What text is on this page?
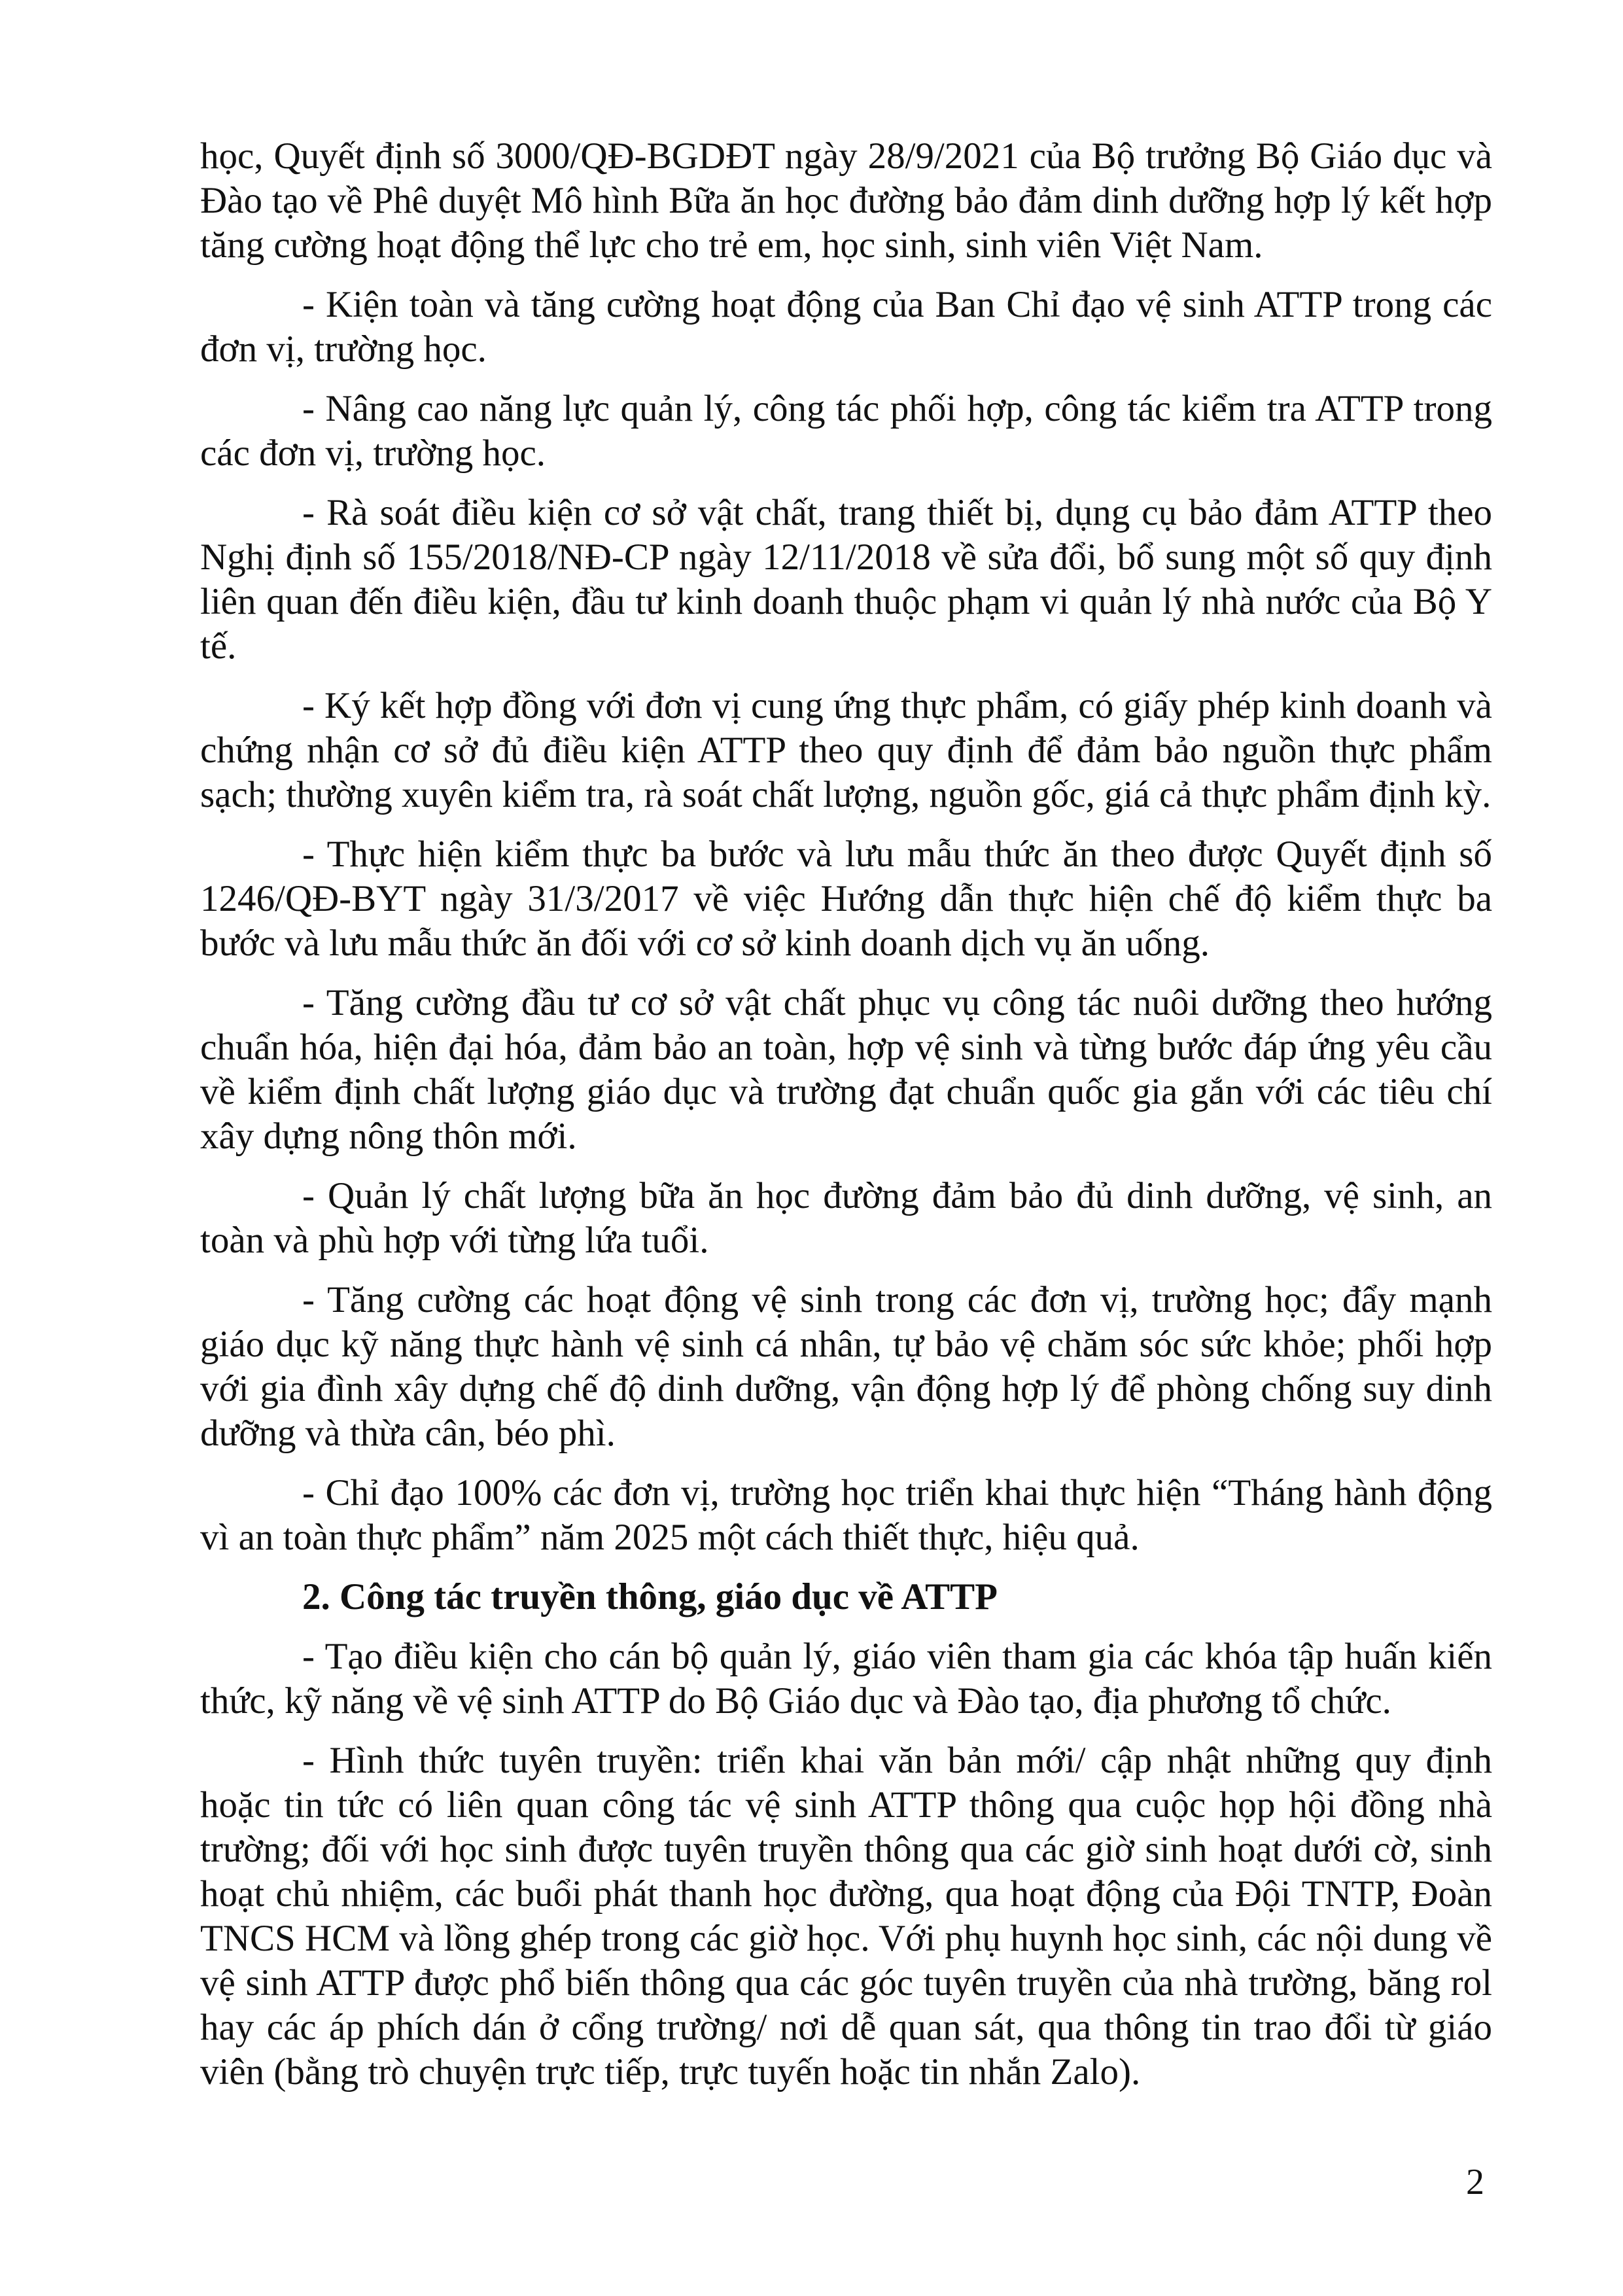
học, Quyết định số 3000/QĐ-BGDĐT ngày 28/9/2021 của Bộ trưởng Bộ Giáo dục và Đào tạo về Phê duyệt Mô hình Bữa ăn học đường bảo đảm dinh dưỡng hợp lý kết hợp tăng cường hoạt động thể lực cho trẻ em, học sinh, sinh viên Việt Nam.

- Kiện toàn và tăng cường hoạt động của Ban Chỉ đạo vệ sinh ATTP trong các đơn vị, trường học.

- Nâng cao năng lực quản lý, công tác phối hợp, công tác kiểm tra ATTP trong các đơn vị, trường học.

- Rà soát điều kiện cơ sở vật chất, trang thiết bị, dụng cụ bảo đảm ATTP theo Nghị định số 155/2018/NĐ-CP ngày 12/11/2018 về sửa đổi, bổ sung một số quy định liên quan đến điều kiện, đầu tư kinh doanh thuộc phạm vi quản lý nhà nước của Bộ Y tế.

- Ký kết hợp đồng với đơn vị cung ứng thực phẩm, có giấy phép kinh doanh và chứng nhận cơ sở đủ điều kiện ATTP theo quy định để đảm bảo nguồn thực phẩm sạch; thường xuyên kiểm tra, rà soát chất lượng, nguồn gốc, giá cả thực phẩm định kỳ.

- Thực hiện kiểm thực ba bước và lưu mẫu thức ăn theo được Quyết định số 1246/QĐ-BYT ngày 31/3/2017 về việc Hướng dẫn thực hiện chế độ kiểm thực ba bước và lưu mẫu thức ăn đối với cơ sở kinh doanh dịch vụ ăn uống.

- Tăng cường đầu tư cơ sở vật chất phục vụ công tác nuôi dưỡng theo hướng chuẩn hóa, hiện đại hóa, đảm bảo an toàn, hợp vệ sinh và từng bước đáp ứng yêu cầu về kiểm định chất lượng giáo dục và trường đạt chuẩn quốc gia gắn với các tiêu chí xây dựng nông thôn mới.

- Quản lý chất lượng bữa ăn học đường đảm bảo đủ dinh dưỡng, vệ sinh, an toàn và phù hợp với từng lứa tuổi.

- Tăng cường các hoạt động vệ sinh trong các đơn vị, trường học; đẩy mạnh giáo dục kỹ năng thực hành vệ sinh cá nhân, tự bảo vệ chăm sóc sức khỏe; phối hợp với gia đình xây dựng chế độ dinh dưỡng, vận động hợp lý để phòng chống suy dinh dưỡng và thừa cân, béo phì.

- Chỉ đạo 100% các đơn vị, trường học triển khai thực hiện “Tháng hành động vì an toàn thực phẩm” năm 2025 một cách thiết thực, hiệu quả.

2. Công tác truyền thông, giáo dục về ATTP

- Tạo điều kiện cho cán bộ quản lý, giáo viên tham gia các khóa tập huấn kiến thức, kỹ năng về vệ sinh ATTP do Bộ Giáo dục và Đào tạo, địa phương tổ chức.

- Hình thức tuyên truyền: triển khai văn bản mới/ cập nhật những quy định hoặc tin tức có liên quan công tác vệ sinh ATTP thông qua cuộc họp hội đồng nhà trường; đối với học sinh được tuyên truyền thông qua các giờ sinh hoạt dưới cờ, sinh hoạt chủ nhiệm, các buổi phát thanh học đường, qua hoạt động của Đội TNTP, Đoàn TNCS HCM và lồng ghép trong các giờ học. Với phụ huynh học sinh, các nội dung về vệ sinh ATTP được phổ biến thông qua các góc tuyên truyền của nhà trường, băng rol hay các áp phích dán ở cổng trường/ nơi dễ quan sát, qua thông tin trao đổi từ giáo viên (bằng trò chuyện trực tiếp, trực tuyến hoặc tin nhắn Zalo).

2
